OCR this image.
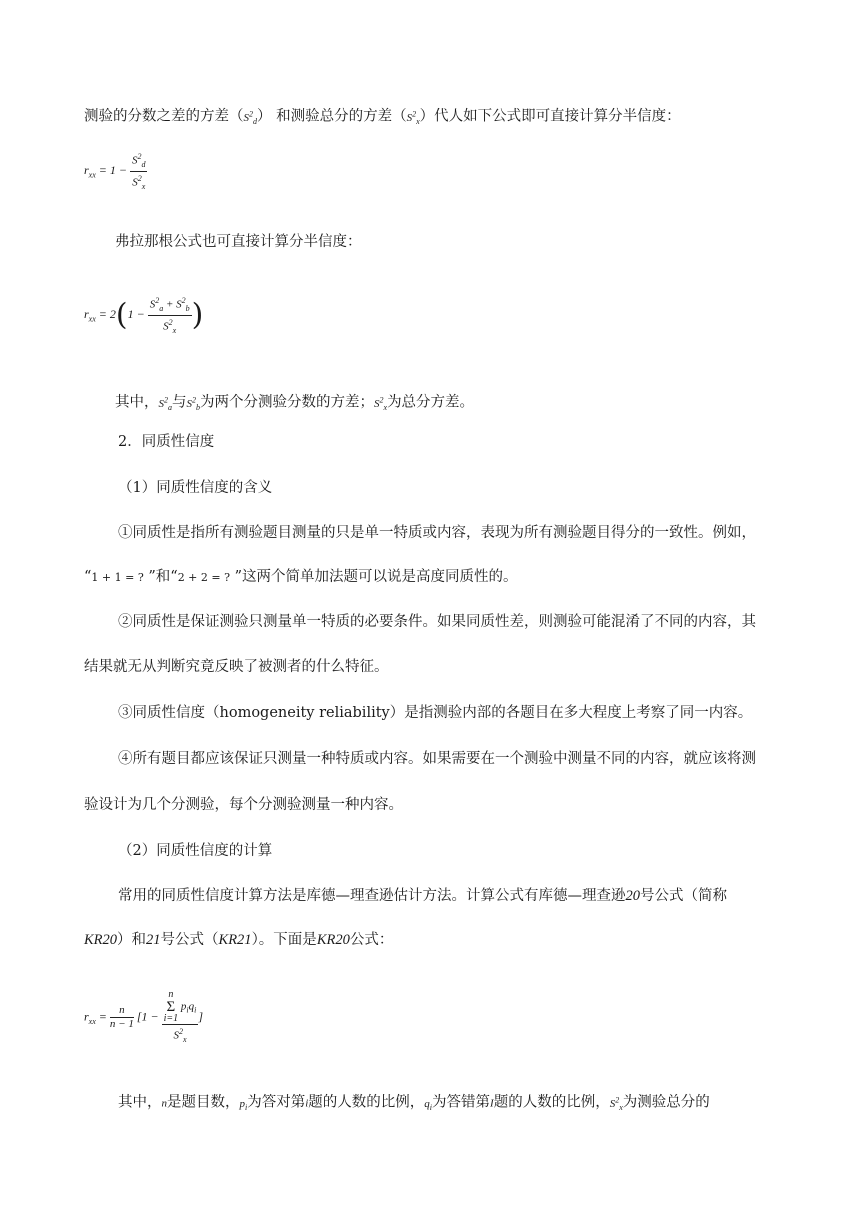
测验的分数之差的方差$(S^2_d)$ 和测验总分的方差$(S^2_x)$代人如下公式即可直接计算分半信度：
$r_{xx} = 1 - \frac{S^2_d}{S^2_x}$
弗拉那根公式也可直接计算分半信度：
$r_{xx} = 2(1 - \frac{S^2_a + S^2_b}{S^2_x}$ )
其中，$S^2_a$与$S^2_b$为两个分测验分数的方差；$S^2_x$为总分方差。
2．同质性信度
（1）同质性信度的含义
①同质性是指所有测验题目测量的只是单一特质或内容，表现为所有测验题目得分的一致性。例如，
“1 + 1 = ? ”和“2 + 2 = ? ”这两个简单加法题可以说是高度同质性的。
②同质性是保证测验只测量单一特质的必要条件。如果同质性差，则测验可能混淆了不同的内容，其
结果就无从判断究竟反映了被测者的什么特征。
③同质性信度（homogeneity reliability）是指测验内部的各题目在多大程度上考察了同一内容。
④所有题目都应该保证只测量一种特质或内容。如果需要在一个测验中测量不同的内容，就应该将测
验设计为几个分测验，每个分测验测量一种内容。
（2）同质性信度的计算
常用的同质性信度计算方法是库德—理查逊估计方法。计算公式有库德—理查逊20号公式（简称
KR20）和21号公式（KR21）。下面是KR20公式：
$r_{xx} = \frac{n}{n - 1} [1 - n$
Σ
i=1
$p_iq_i$
$S^2_x$ ]
其中，n是题目数，$p_i$为答对第i题的人数的比例，$q_i$为答错第I题的人数的比例，$S^2_x$为测验总分的
